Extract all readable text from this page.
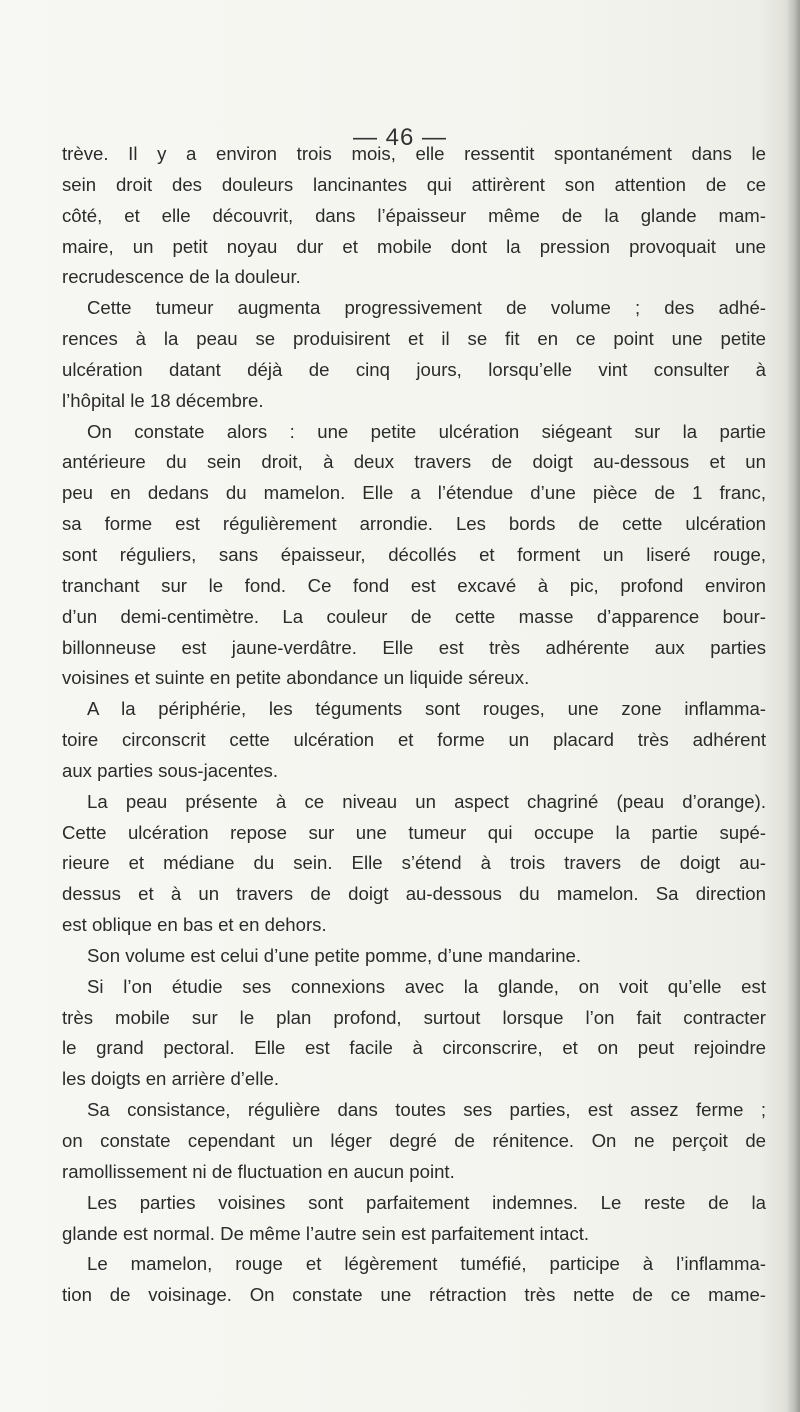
— 46 —
trève. Il y a environ trois mois, elle ressentit spontanément dans le
sein droit des douleurs lancinantes qui attirèrent son attention de ce
côté, et elle découvrit, dans l’épaisseur même de la glande mam-
maire, un petit noyau dur et mobile dont la pression provoquait une
recrudescence de la douleur.
Cette tumeur augmenta progressivement de volume ; des adhé-
rences à la peau se produisirent et il se fit en ce point une petite
ulcération datant déjà de cinq jours, lorsqu’elle vint consulter à
l’hôpital le 18 décembre.
On constate alors : une petite ulcération siégeant sur la partie
antérieure du sein droit, à deux travers de doigt au-dessous et un
peu en dedans du mamelon. Elle a l’étendue d’une pièce de 1 franc,
sa forme est régulièrement arrondie. Les bords de cette ulcération
sont réguliers, sans épaisseur, décollés et forment un liseré rouge,
tranchant sur le fond. Ce fond est excavé à pic, profond environ
d’un demi-centimètre. La couleur de cette masse d’apparence bour-
billonneuse est jaune-verdâtre. Elle est très adhérente aux parties
voisines et suinte en petite abondance un liquide séreux.
A la périphérie, les téguments sont rouges, une zone inflamma-
toire circonscrit cette ulcération et forme un placard très adhérent
aux parties sous-jacentes.
La peau présente à ce niveau un aspect chagriné (peau d’orange).
Cette ulcération repose sur une tumeur qui occupe la partie supé-
rieure et médiane du sein. Elle s’étend à trois travers de doigt au-
dessus et à un travers de doigt au-dessous du mamelon. Sa direction
est oblique en bas et en dehors.
Son volume est celui d’une petite pomme, d’une mandarine.
Si l’on étudie ses connexions avec la glande, on voit qu’elle est
très mobile sur le plan profond, surtout lorsque l’on fait contracter
le grand pectoral. Elle est facile à circonscrire, et on peut rejoindre
les doigts en arrière d’elle.
Sa consistance, régulière dans toutes ses parties, est assez ferme ;
on constate cependant un léger degré de rénitence. On ne perçoit de
ramollissement ni de fluctuation en aucun point.
Les parties voisines sont parfaitement indemnes. Le reste de la
glande est normal. De même l’autre sein est parfaitement intact.
Le mamelon, rouge et légèrement tuméfié, participe à l’inflamma-
tion de voisinage. On constate une rétraction très nette de ce mame-
